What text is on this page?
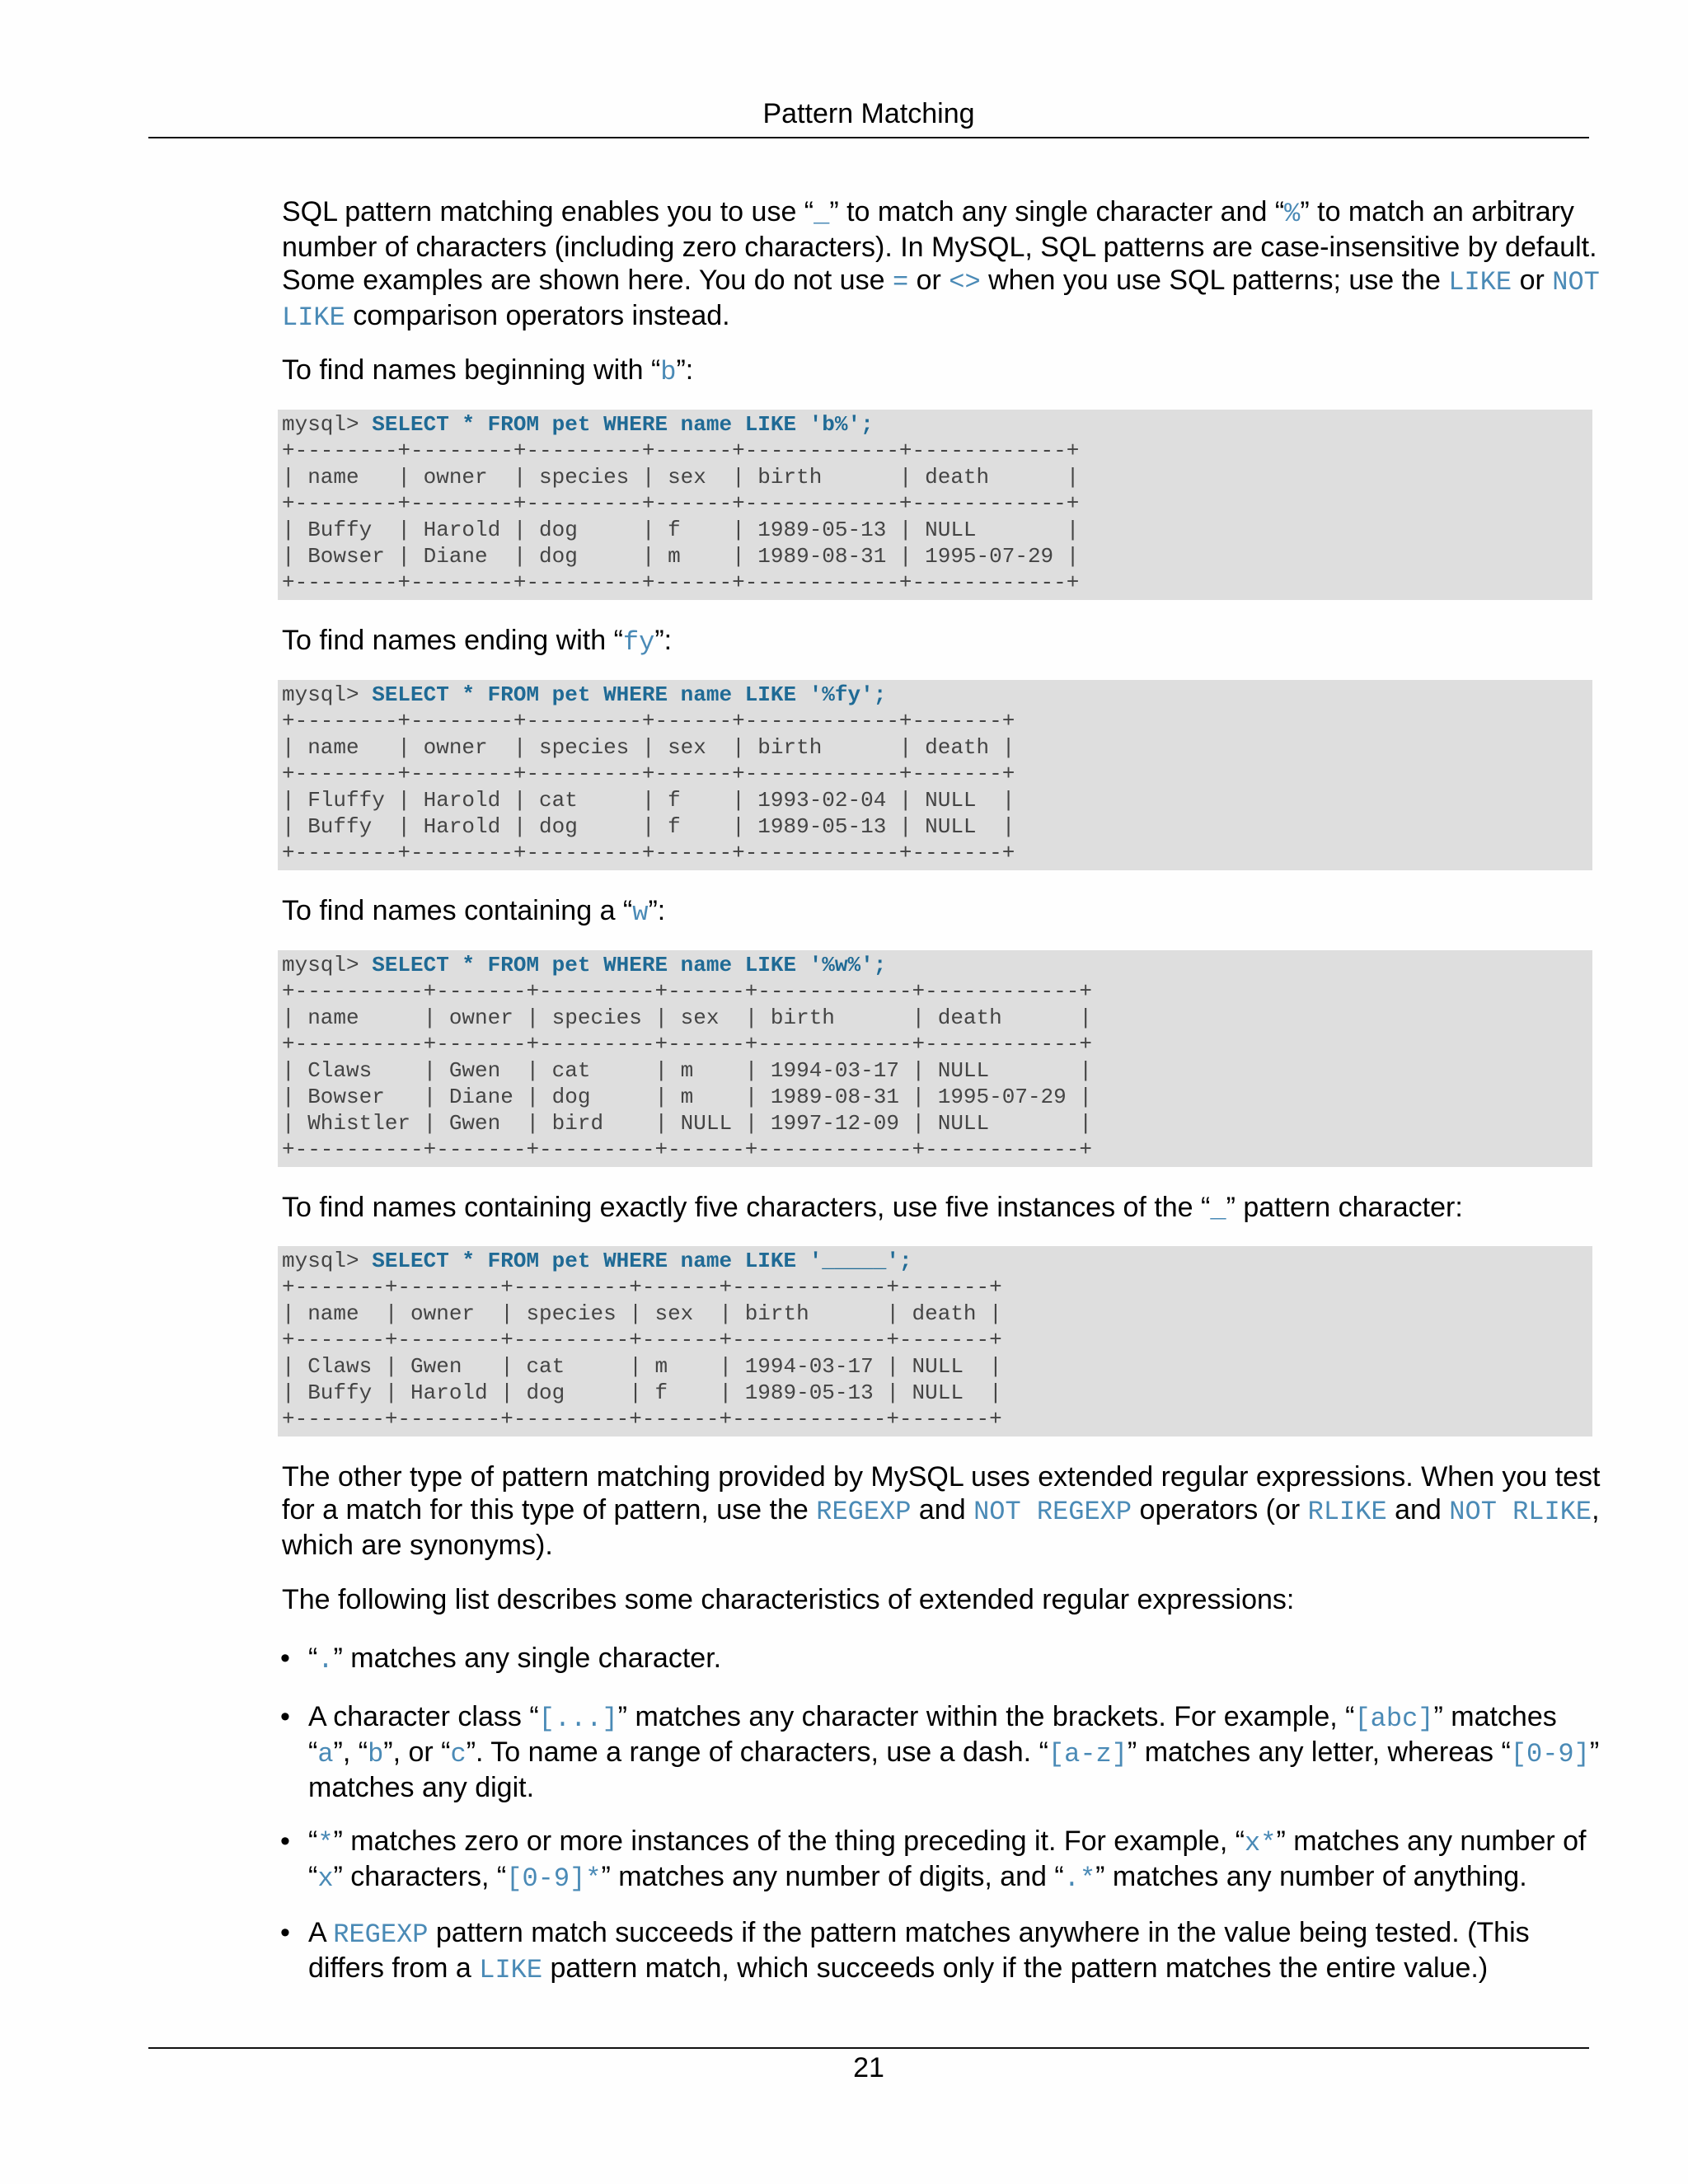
Pattern Matching

SQL pattern matching enables you to use “_” to match any single character and “%” to match an arbitrary number of characters (including zero characters). In MySQL, SQL patterns are case-insensitive by default. Some examples are shown here. You do not use = or <> when you use SQL patterns; use the LIKE or NOT LIKE comparison operators instead.

To find names beginning with “b”:

mysql> SELECT * FROM pet WHERE name LIKE 'b%';
+--------+--------+---------+------+------------+------------+
| name   | owner  | species | sex  | birth      | death      |
+--------+--------+---------+------+------------+------------+
| Buffy  | Harold | dog     | f    | 1989-05-13 | NULL       |
| Bowser | Diane  | dog     | m    | 1989-08-31 | 1995-07-29 |
+--------+--------+---------+------+------------+------------+

To find names ending with “fy”:

mysql> SELECT * FROM pet WHERE name LIKE '%fy';
+--------+--------+---------+------+------------+-------+
| name   | owner  | species | sex  | birth      | death |
+--------+--------+---------+------+------------+-------+
| Fluffy | Harold | cat     | f    | 1993-02-04 | NULL  |
| Buffy  | Harold | dog     | f    | 1989-05-13 | NULL  |
+--------+--------+---------+------+------------+-------+

To find names containing a “w”:

mysql> SELECT * FROM pet WHERE name LIKE '%w%';
+----------+-------+---------+------+------------+------------+
| name     | owner | species | sex  | birth      | death      |
+----------+-------+---------+------+------------+------------+
| Claws    | Gwen  | cat     | m    | 1994-03-17 | NULL       |
| Bowser   | Diane | dog     | m    | 1989-08-31 | 1995-07-29 |
| Whistler | Gwen  | bird    | NULL | 1997-12-09 | NULL       |
+----------+-------+---------+------+------------+------------+

To find names containing exactly five characters, use five instances of the “_” pattern character:

mysql> SELECT * FROM pet WHERE name LIKE '_____';
+-------+--------+---------+------+------------+-------+
| name  | owner  | species | sex  | birth      | death |
+-------+--------+---------+------+------------+-------+
| Claws | Gwen   | cat     | m    | 1994-03-17 | NULL  |
| Buffy | Harold | dog     | f    | 1989-05-13 | NULL  |
+-------+--------+---------+------+------------+-------+

The other type of pattern matching provided by MySQL uses extended regular expressions. When you test for a match for this type of pattern, use the REGEXP and NOT REGEXP operators (or RLIKE and NOT RLIKE, which are synonyms).

The following list describes some characteristics of extended regular expressions:

• “.” matches any single character.
• A character class “[...]” matches any character within the brackets. For example, “[abc]” matches “a”, “b”, or “c”. To name a range of characters, use a dash. “[a-z]” matches any letter, whereas “[0-9]” matches any digit.
• “*” matches zero or more instances of the thing preceding it. For example, “x*” matches any number of “x” characters, “[0-9]*” matches any number of digits, and “.*” matches any number of anything.
• A REGEXP pattern match succeeds if the pattern matches anywhere in the value being tested. (This differs from a LIKE pattern match, which succeeds only if the pattern matches the entire value.)
21
